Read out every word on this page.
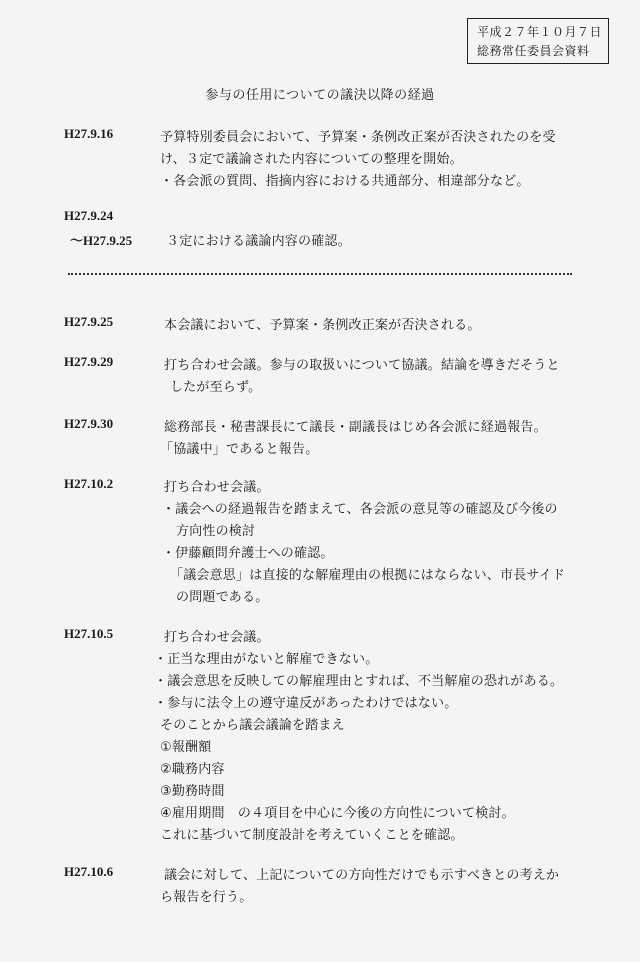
平成２７年１０月７日
総務常任委員会資料
参与の任用についての議決以降の経過
H27.9.16	予算特別委員会において、予算案・条例改正案が否決されたのを受
け、３定で議論された内容についての整理を開始。
・各会派の質問、指摘内容における共通部分、相違部分など。
H27.9.24
～H27.9.25	３定における議論内容の確認。
H27.9.25	本会議において、予算案・条例改正案が否決される。
H27.9.29	打ち合わせ会議。参与の取扱いについて協議。結論を導きだそうと
したが至らず。
H27.9.30	総務部長・秘書課長にて議長・副議長はじめ各会派に経過報告。
「協議中」であると報告。
H27.10.2	打ち合わせ会議。
・議会への経過報告を踏まえて、各会派の意見等の確認及び今後の
方向性の検討
・伊藤顧問弁護士への確認。
「議会意思」は直接的な解雇理由の根拠にはならない、市長サイド
の問題である。
H27.10.5	打ち合わせ会議。
・正当な理由がないと解雇できない。
・議会意思を反映しての解雇理由とすれば、不当解雇の恐れがある。
・参与に法令上の遵守違反があったわけではない。
そのことから議会議論を踏まえ
①報酬額
②職務内容
③勤務時間
④雇用期間　の４項目を中心に今後の方向性について検討。
これに基づいて制度設計を考えていくことを確認。
H27.10.6	議会に対して、上記についての方向性だけでも示すべきとの考えか
ら報告を行う。
